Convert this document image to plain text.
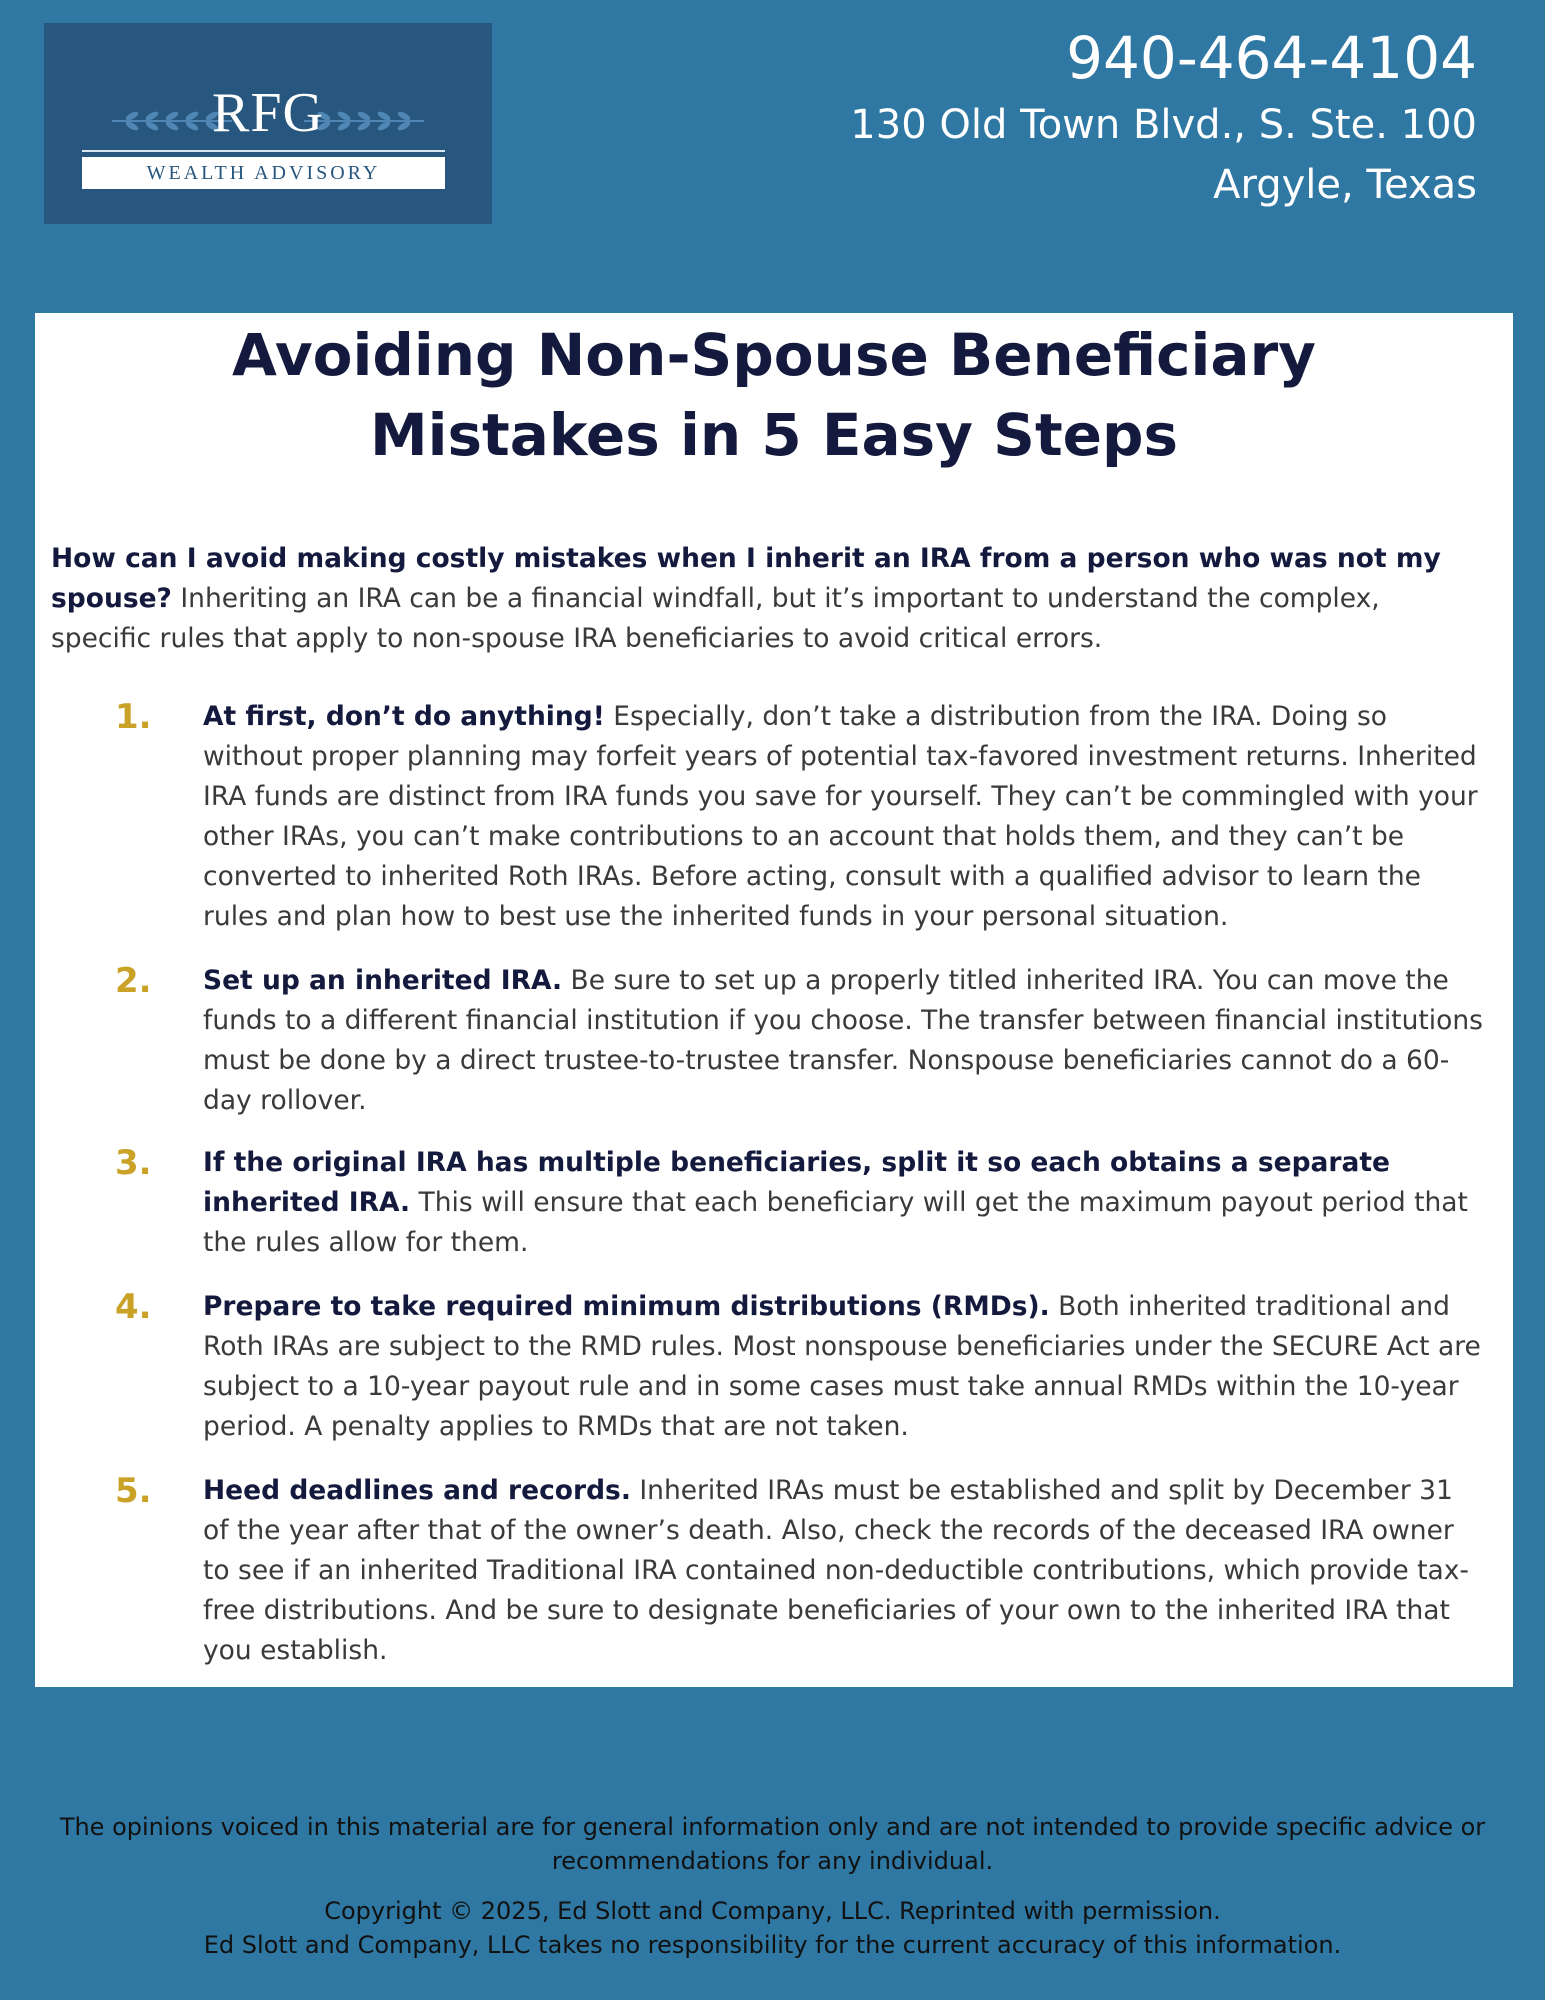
RFG
WEALTH ADVISORY
940-464-4104
130 Old Town Blvd., S. Ste. 100
Argyle, Texas
Avoiding Non-Spouse Beneficiary
Mistakes in 5 Easy Steps
How can I avoid making costly mistakes when I inherit an IRA from a person who was not my spouse? Inheriting an IRA can be a financial windfall, but it’s important to understand the complex, specific rules that apply to non-spouse IRA beneficiaries to avoid critical errors.
1. At first, don’t do anything! Especially, don’t take a distribution from the IRA. Doing so without proper planning may forfeit years of potential tax-favored investment returns. Inherited IRA funds are distinct from IRA funds you save for yourself. They can’t be commingled with your other IRAs, you can’t make contributions to an account that holds them, and they can’t be converted to inherited Roth IRAs. Before acting, consult with a qualified advisor to learn the rules and plan how to best use the inherited funds in your personal situation.
2. Set up an inherited IRA. Be sure to set up a properly titled inherited IRA. You can move the funds to a different financial institution if you choose. The transfer between financial institutions must be done by a direct trustee-to-trustee transfer. Nonspouse beneficiaries cannot do a 60-day rollover.
3. If the original IRA has multiple beneficiaries, split it so each obtains a separate inherited IRA. This will ensure that each beneficiary will get the maximum payout period that the rules allow for them.
4. Prepare to take required minimum distributions (RMDs). Both inherited traditional and Roth IRAs are subject to the RMD rules. Most nonspouse beneficiaries under the SECURE Act are subject to a 10-year payout rule and in some cases must take annual RMDs within the 10-year period. A penalty applies to RMDs that are not taken.
5. Heed deadlines and records. Inherited IRAs must be established and split by December 31 of the year after that of the owner’s death. Also, check the records of the deceased IRA owner to see if an inherited Traditional IRA contained non-deductible contributions, which provide tax-free distributions. And be sure to designate beneficiaries of your own to the inherited IRA that you establish.
The opinions voiced in this material are for general information only and are not intended to provide specific advice or recommendations for any individual.
Copyright © 2025, Ed Slott and Company, LLC. Reprinted with permission.
Ed Slott and Company, LLC takes no responsibility for the current accuracy of this information.
